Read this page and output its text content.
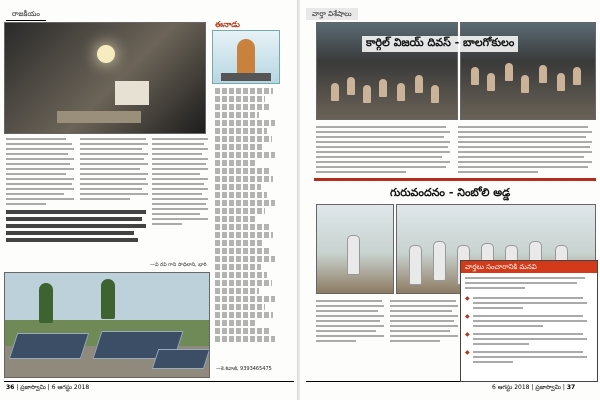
రాజకీయం
ఈనాడు
—కె.శివాజీ, 9393465475
—వి రవి గాని సాధిలాని, భారి
36 | ప్రజాస్వామి | 6 ఆగస్టు 2018
వార్తా విశేషాలు
కార్గిల్ విజయ్ దివస్ - బాలగోకులం
గురువందనం - నింబోలి అడ్డ
6 ఆగస్టు 2018 | ప్రజాస్వామి | 37
వార్తలు సంచారానికి మనవి
◆
◆
◆
◆
